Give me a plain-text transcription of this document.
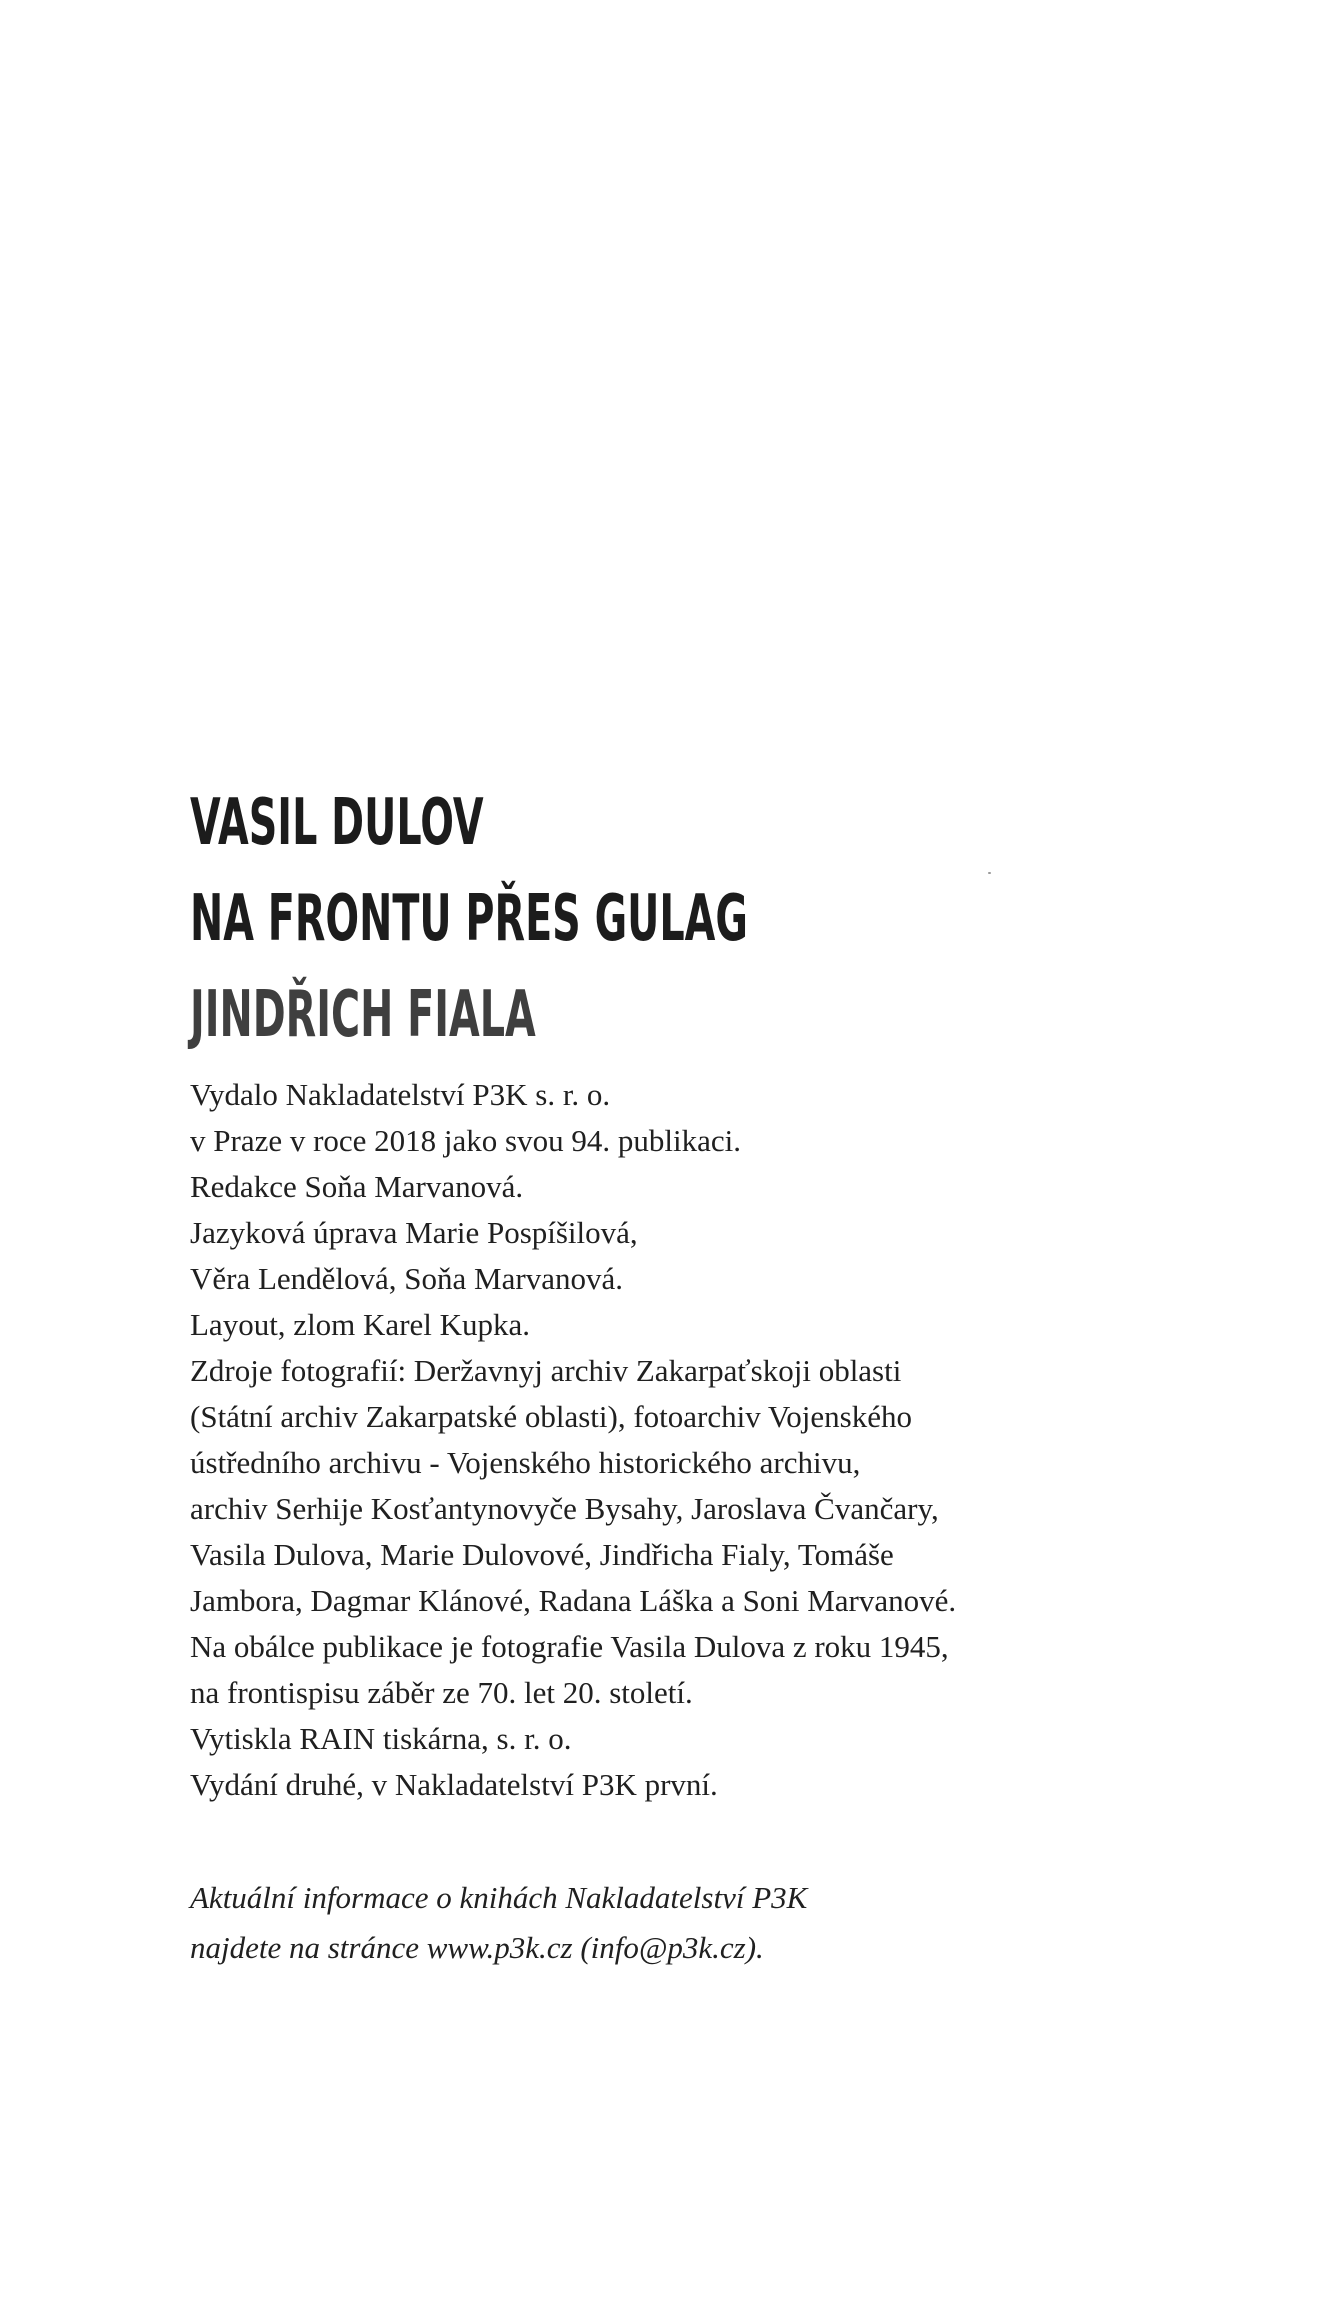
VASIL DULOV
NA FRONTU PŘES GULAG
JINDŘICH FIALA
Vydalo Nakladatelství P3K s. r. o.
v Praze v roce 2018 jako svou 94. publikaci.
Redakce Soňa Marvanová.
Jazyková úprava Marie Pospíšilová,
Věra Lendělová, Soňa Marvanová.
Layout, zlom Karel Kupka.
Zdroje fotografií: Deržavnyj archiv Zakarpaťskoji oblasti
(Státní archiv Zakarpatské oblasti), fotoarchiv Vojenského
ústředního archivu - Vojenského historického archivu,
archiv Serhije Kosťantynovyče Bysahy, Jaroslava Čvančary,
Vasila Dulova, Marie Dulovové, Jindřicha Fialy, Tomáše
Jambora, Dagmar Klánové, Radana Láška a Soni Marvanové.
Na obálce publikace je fotografie Vasila Dulova z roku 1945,
na frontispisu záběr ze 70. let 20. století.
Vytiskla RAIN tiskárna, s. r. o.
Vydání druhé, v Nakladatelství P3K první.
Aktuální informace o knihách Nakladatelství P3K
najdete na stránce www.p3k.cz (info@p3k.cz).
